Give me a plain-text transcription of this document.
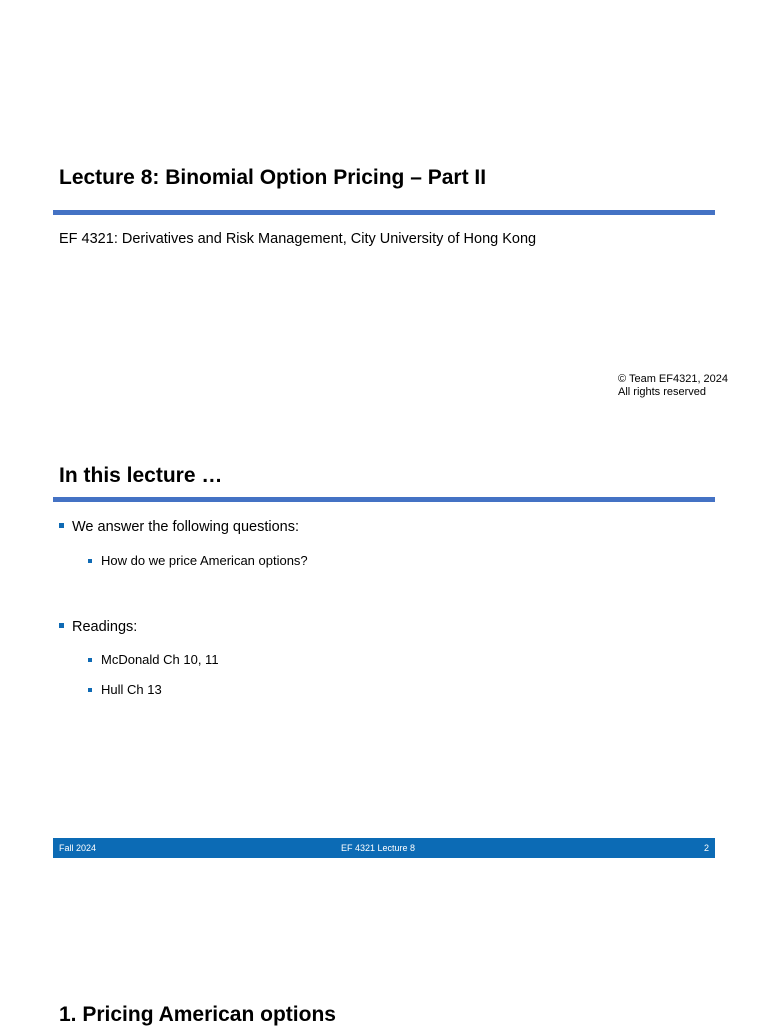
Lecture 8: Binomial Option Pricing – Part II
EF 4321: Derivatives and Risk Management, City University of Hong Kong
© Team EF4321, 2024
All rights reserved
In this lecture …
We answer the following questions:
How do we price American options?
Readings:
McDonald Ch 10, 11
Hull Ch 13
Fall 2024	EF 4321 Lecture 8	2
1. Pricing American options
